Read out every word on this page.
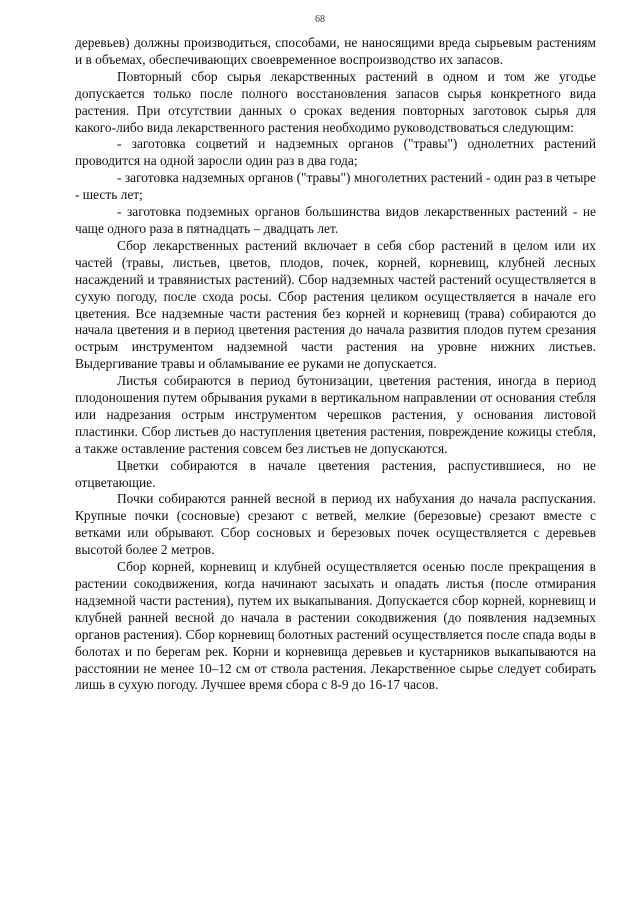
68

деревьев) должны производиться, способами, не наносящими вреда сырьевым растениям и в объемах, обеспечивающих своевременное воспроизводство их запасов.

Повторный сбор сырья лекарственных растений в одном и том же угодье допускается только после полного восстановления запасов сырья конкретного вида растения. При отсутствии данных о сроках ведения повторных заготовок сырья для какого-либо вида лекарственного растения необходимо руководствоваться следующим:

- заготовка соцветий и надземных органов ("травы") однолетних растений проводится на одной заросли один раз в два года;

- заготовка надземных органов ("травы") многолетних растений - один раз в четыре - шесть лет;

- заготовка подземных органов большинства видов лекарственных растений - не чаще одного раза в пятнадцать – двадцать лет.

Сбор лекарственных растений включает в себя сбор растений в целом или их частей (травы, листьев, цветов, плодов, почек, корней, корневищ, клубней лесных насаждений и травянистых растений). Сбор надземных частей растений осуществляется в сухую погоду, после схода росы. Сбор растения целиком осуществляется в начале его цветения. Все надземные части растения без корней и корневищ (трава) собираются до начала цветения и в период цветения растения до начала развития плодов путем срезания острым инструментом надземной части растения на уровне нижних листьев. Выдергивание травы и обламывание ее руками не допускается.

Листья собираются в период бутонизации, цветения растения, иногда в период плодоношения путем обрывания руками в вертикальном направлении от основания стебля или надрезания острым инструментом черешков растения, у основания листовой пластинки. Сбор листьев до наступления цветения растения, повреждение кожицы стебля, а также оставление растения совсем без листьев не допускаются.

Цветки собираются в начале цветения растения, распустившиеся, но не отцветающие.

Почки собираются ранней весной в период их набухания до начала распускания. Крупные почки (сосновые) срезают с ветвей, мелкие (березовые) срезают вместе с ветками или обрывают. Сбор сосновых и березовых почек осуществляется с деревьев высотой более 2 метров.

Сбор корней, корневищ и клубней осуществляется осенью после прекращения в растении сокодвижения, когда начинают засыхать и опадать листья (после отмирания надземной части растения), путем их выкапывания. Допускается сбор корней, корневищ и клубней ранней весной до начала в растении сокодвижения (до появления надземных органов растения). Сбор корневищ болотных растений осуществляется после спада воды в болотах и по берегам рек. Корни и корневища деревьев и кустарников выкапываются на расстоянии не менее 10–12 см от ствола растения. Лекарственное сырье следует собирать лишь в сухую погоду. Лучшее время сбора с 8-9 до 16-17 часов.
